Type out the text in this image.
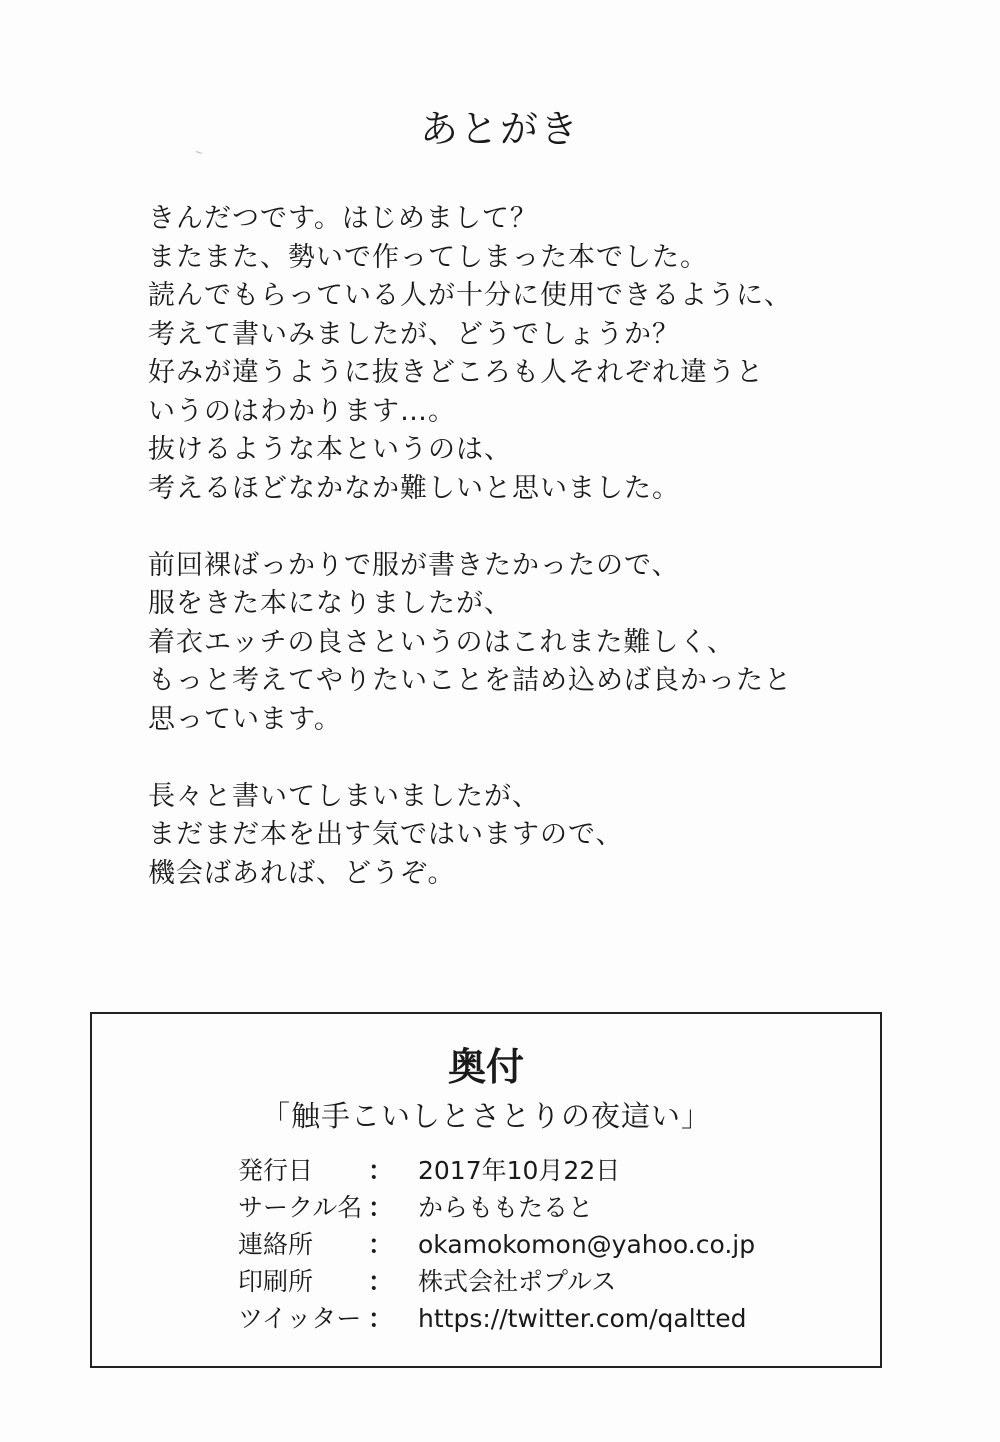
あとがき
きんだつです。はじめまして？
またまた、勢いで作ってしまった本でした。
読んでもらっている人が十分に使用できるように、
考えて書いみましたが、どうでしょうか？
好みが違うように抜きどころも人それぞれ違うと
いうのはわかります…。
抜けるような本というのは、
考えるほどなかなか難しいと思いました。
前回裸ばっかりで服が書きたかったので、
服をきた本になりましたが、
着衣エッチの良さというのはこれまた難しく、
もっと考えてやりたいことを詰め込めば良かったと
思っています。
長々と書いてしまいましたが、
まだまだ本を出す気ではいますので、
機会ばあれば、どうぞ。
奥付
「触手こいしとさとりの夜這い」
発行日 ： 2017年10月22日
サークル名 ： からももたると
連絡所 ： okamokomon@yahoo.co.jp
印刷所 ： 株式会社ポプルス
ツイッター ： https://twitter.com/qaltted
